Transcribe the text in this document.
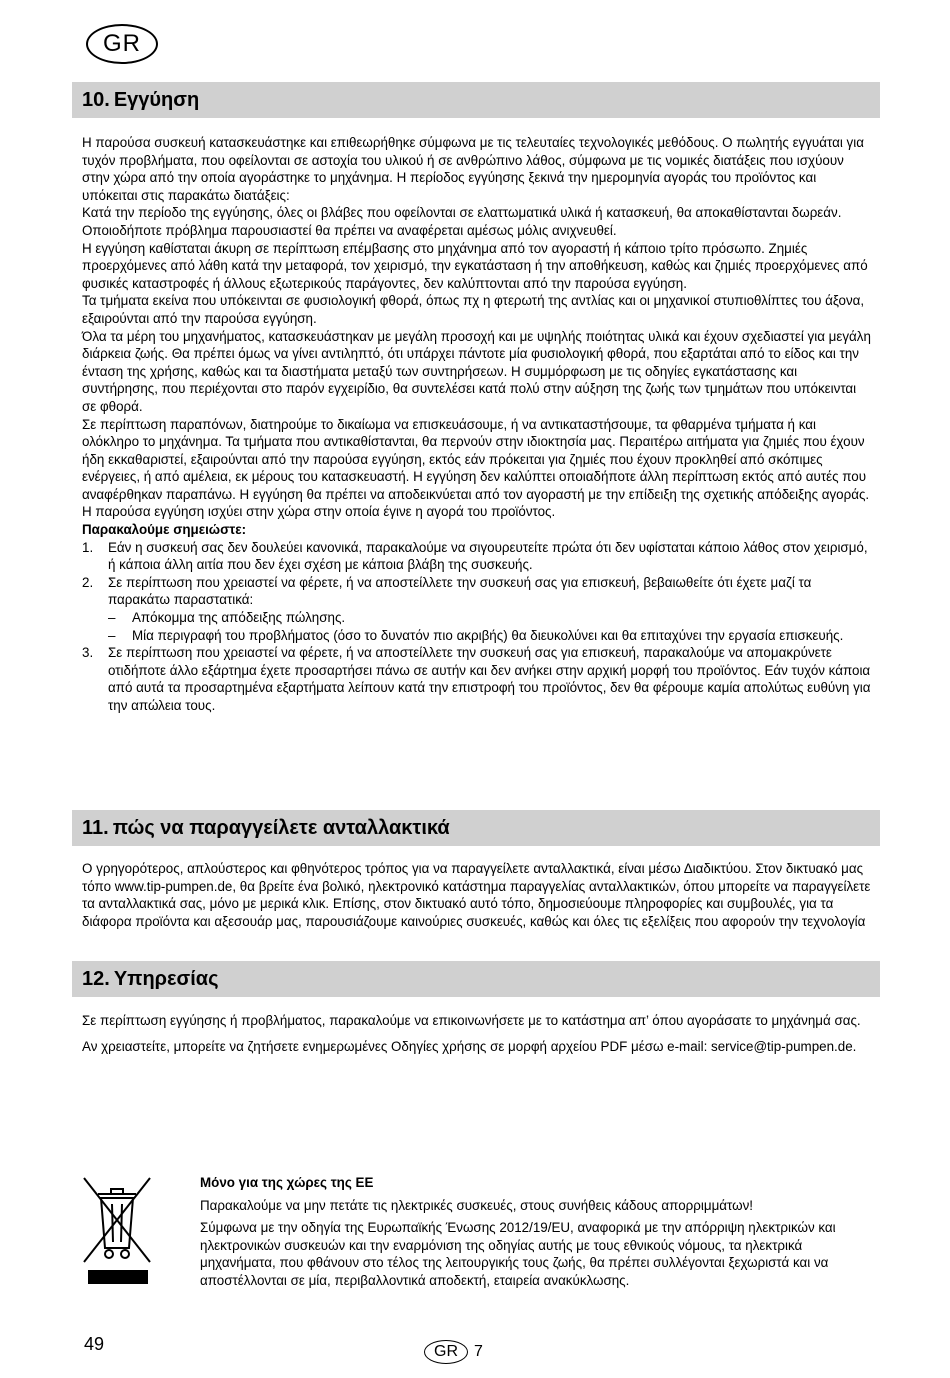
GR
10. Εγγύηση

Η παρούσα συσκευή κατασκευάστηκε και επιθεωρήθηκε σύμφωνα με τις τελευταίες τεχνολογικές μεθόδους. Ο πωλητής εγγυάται για τυχόν προβλήματα, που οφείλονται σε αστοχία του υλικού ή σε ανθρώπινο λάθος, σύμφωνα με τις νομικές διατάξεις που ισχύουν στην χώρα από την οποία αγοράστηκε το μηχάνημα. Η περίοδος εγγύησης ξεκινά την ημερομηνία αγοράς του προϊόντος και υπόκειται στις παρακάτω διατάξεις:

Κατά την περίοδο της εγγύησης, όλες οι βλάβες που οφείλονται σε ελαττωματικά υλικά ή κατασκευή, θα αποκαθίστανται δωρεάν. Οποιοδήποτε πρόβλημα παρουσιαστεί θα πρέπει να αναφέρεται αμέσως μόλις ανιχνευθεί.

Η εγγύηση καθίσταται άκυρη σε περίπτωση επέμβασης στο μηχάνημα από τον αγοραστή ή κάποιο τρίτο πρόσωπο. Ζημιές προερχόμενες από λάθη κατά την μεταφορά, τον χειρισμό, την εγκατάσταση ή την αποθήκευση, καθώς και ζημιές προερχόμενες από φυσικές καταστροφές ή άλλους εξωτερικούς παράγοντες, δεν καλύπτονται από την παρούσα εγγύηση.

Τα τμήματα εκείνα που υπόκεινται σε φυσιολογική φθορά, όπως πχ η φτερωτή της αντλίας και οι μηχανικοί στυπιοθλίπτες του άξονα, εξαιρούνται από την παρούσα εγγύηση.

Όλα τα μέρη του μηχανήματος, κατασκευάστηκαν με μεγάλη προσοχή και με υψηλής ποιότητας υλικά και έχουν σχεδιαστεί για μεγάλη διάρκεια ζωής. Θα πρέπει όμως να γίνει αντιληπτό, ότι υπάρχει πάντοτε μία φυσιολογική φθορά, που εξαρτάται από το είδος και την ένταση της χρήσης, καθώς και τα διαστήματα μεταξύ των συντηρήσεων. Η συμμόρφωση με τις οδηγίες εγκατάστασης και συντήρησης, που περιέχονται στο παρόν εγχειρίδιο, θα συντελέσει κατά πολύ στην αύξηση της ζωής των τμημάτων που υπόκεινται σε φθορά.

Σε περίπτωση παραπόνων, διατηρούμε το δικαίωμα να επισκευάσουμε, ή να αντικαταστήσουμε, τα φθαρμένα τμήματα ή και ολόκληρο το μηχάνημα. Τα τμήματα που αντικαθίστανται, θα περνούν στην ιδιοκτησία μας. Περαιτέρω αιτήματα για ζημιές που έχουν ήδη εκκαθαριστεί, εξαιρούνται από την παρούσα εγγύηση, εκτός εάν πρόκειται για ζημιές που έχουν προκληθεί από σκόπιμες ενέργειες, ή από αμέλεια, εκ μέρους του κατασκευαστή. Η εγγύηση δεν καλύπτει οποιαδήποτε άλλη περίπτωση εκτός από αυτές που αναφέρθηκαν παραπάνω. Η εγγύηση θα πρέπει να αποδεικνύεται από τον αγοραστή με την επίδειξη της σχετικής απόδειξης αγοράς. Η παρούσα εγγύηση ισχύει στην χώρα στην οποία έγινε η αγορά του προϊόντος.

Παρακαλούμε σημειώστε:

1. Εάν η συσκευή σας δεν δουλεύει κανονικά, παρακαλούμε να σιγουρευτείτε πρώτα ότι δεν υφίσταται κάποιο λάθος στον χειρισμό, ή κάποια άλλη αιτία που δεν έχει σχέση με κάποια βλάβη της συσκευής.
2. Σε περίπτωση που χρειαστεί να φέρετε, ή να αποστείλλετε την συσκευή σας για επισκευή, βεβαιωθείτε ότι έχετε μαζί τα παρακάτω παραστατικά:
– Απόκομμα της απόδειξης πώλησης.
– Μία περιγραφή του προβλήματος (όσο το δυνατόν πιο ακριβής) θα διευκολύνει και θα επιταχύνει την εργασία επισκευής.
3. Σε περίπτωση που χρειαστεί να φέρετε, ή να αποστείλλετε την συσκευή σας για επισκευή, παρακαλούμε να απομακρύνετε οτιδήποτε άλλο εξάρτημα έχετε προσαρτήσει πάνω σε αυτήν και δεν ανήκει στην αρχική μορφή του προϊόντος. Εάν τυχόν κάποια από αυτά τα προσαρτημένα εξαρτήματα λείπουν κατά την επιστροφή του προϊόντος, δεν θα φέρουμε καμία απολύτως ευθύνη για την απώλεια τους.
11. πώς να παραγγείλετε ανταλλακτικά

Ο γρηγορότερος, απλούστερος και φθηνότερος τρόπος για να παραγγείλετε ανταλλακτικά, είναι μέσω Διαδικτύου. Στον δικτυακό μας τόπο www.tip-pumpen.de, θα βρείτε ένα βολικό, ηλεκτρονικό κατάστημα παραγγελίας ανταλλακτικών, όπου μπορείτε να παραγγείλετε τα ανταλλακτικά σας, μόνο με μερικά κλικ. Επίσης, στον δικτυακό αυτό τόπο, δημοσιεύουμε πληροφορίες και συμβουλές, για τα διάφορα προϊόντα και αξεσουάρ μας, παρουσιάζουμε καινούριες συσκευές, καθώς και όλες τις εξελίξεις που αφορούν την τεχνολογία

12. Υπηρεσίας

Σε περίπτωση εγγύησης ή προβλήματος, παρακαλούμε να επικοινωνήσετε με το κατάστημα απ’ όπου αγοράσατε το μηχάνημά σας.

Αν χρειαστείτε, μπορείτε να ζητήσετε ενημερωμένες Οδηγίες χρήσης σε μορφή αρχείου PDF μέσω e-mail: service@tip-pumpen.de.

Μόνο για της χώρες της ΕΕ

Παρακαλούμε να μην πετάτε τις ηλεκτρικές συσκευές, στους συνήθεις κάδους απορριμμάτων!

Σύμφωνα με την οδηγία της Ευρωπαϊκής Ένωσης 2012/19/EU, αναφορικά με την απόρριψη ηλεκτρικών και ηλεκτρονικών συσκευών και την εναρμόνιση της οδηγίας αυτής με τους εθνικούς νόμους, τα ηλεκτρικά μηχανήματα, που φθάνουν στο τέλος της λειτουργικής τους ζωής, θα πρέπει συλλέγονται ξεχωριστά και να αποστέλλονται σε μία, περιβαλλοντικά αποδεκτή, εταιρεία ανακύκλωσης.

49	GR	7
